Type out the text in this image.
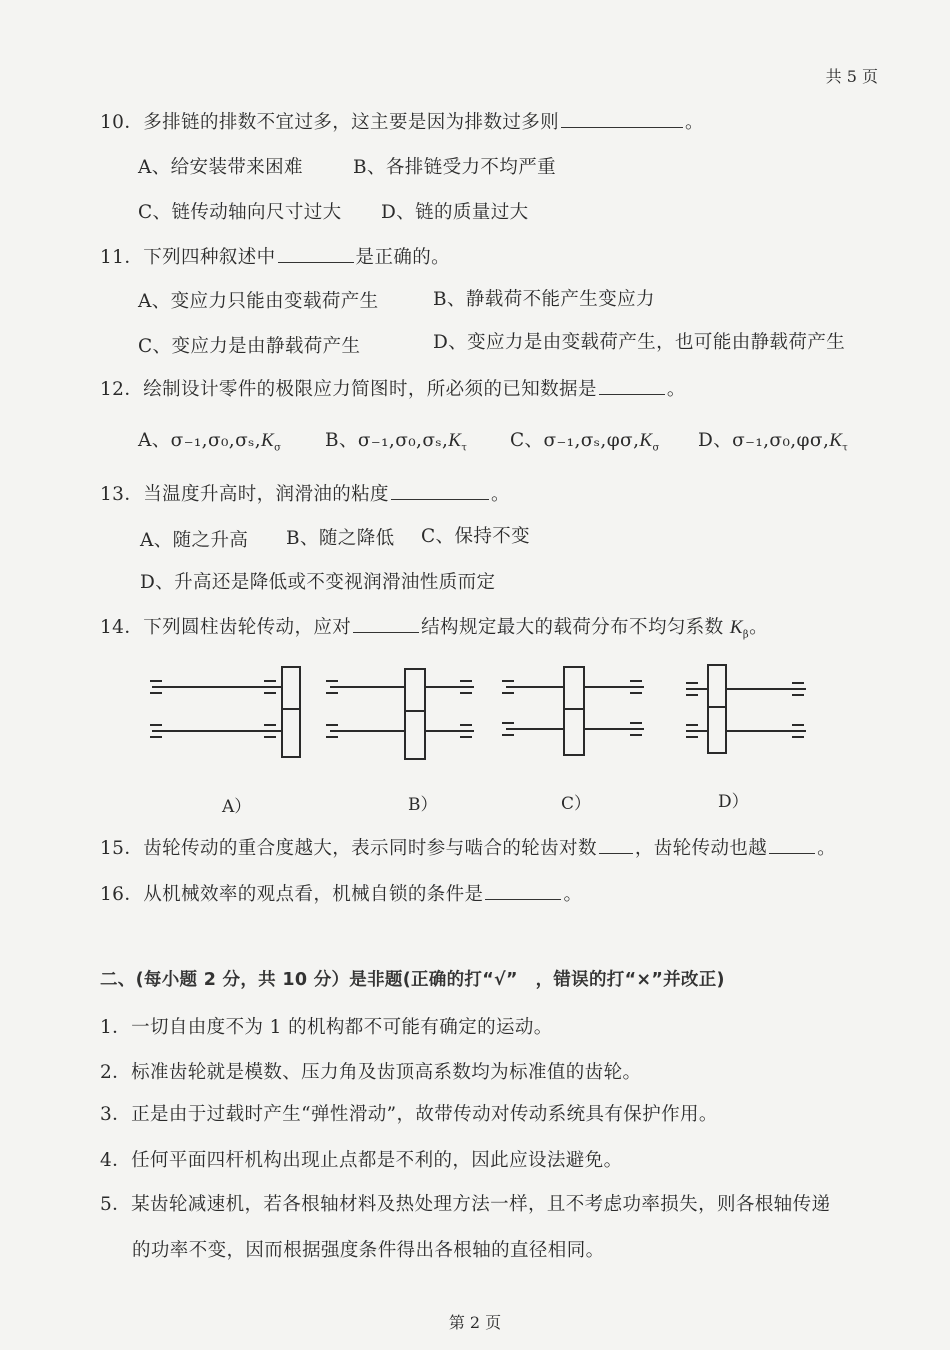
共 5 页
第 2 页
10．多排链的排数不宜过多，这主要是因为排数过多则	。
A、给安装带来困难	B、各排链受力不均严重
C、链传动轴向尺寸过大 D、链的质量过大
11．下列四种叙述中	是正确的。
A、变应力只能由变载荷产生	B、静载荷不能产生变应力
C、变应力是由静载荷产生	D、变应力是由变载荷产生，也可能由静载荷产生
12．绘制设计零件的极限应力简图时，所必须的已知数据是	。
A、$\sigma_{-1},\sigma_0,\sigma_s,K_\sigma$ B、$\sigma_{-1},\sigma_0,\sigma_s,K_\tau$ C、$\sigma_{-1},\sigma_s,\varphi\sigma,K_\sigma$ D、$\sigma_{-1},\sigma_0,\varphi\sigma,K_\tau$
13．当温度升高时，润滑油的粘度	。
A、随之升高 B、随之降低 C、保持不变
D、升高还是降低或不变视润滑油性质而定
14．下列圆柱齿轮传动，应对	结构规定最大的载荷分布不均匀系数 $K_\beta$。
A）	B）	C）	D）
15．齿轮传动的重合度越大，表示同时参与啮合的轮齿对数 ，齿轮传动也越	。
16．从机械效率的观点看，机械自锁的条件是	。
二、(每小题 2 分，共 10 分）是非题(正确的打“√”　，错误的打“×”并改正)
1．一切自由度不为 1 的机构都不可能有确定的运动。
2．标准齿轮就是模数、压力角及齿顶高系数均为标准值的齿轮。
3．正是由于过载时产生“弹性滑动”，故带传动对传动系统具有保护作用。
4．任何平面四杆机构出现止点都是不利的，因此应设法避免。
5．某齿轮减速机，若各根轴材料及热处理方法一样，且不考虑功率损失，则各根轴传递
的功率不变，因而根据强度条件得出各根轴的直径相同。
